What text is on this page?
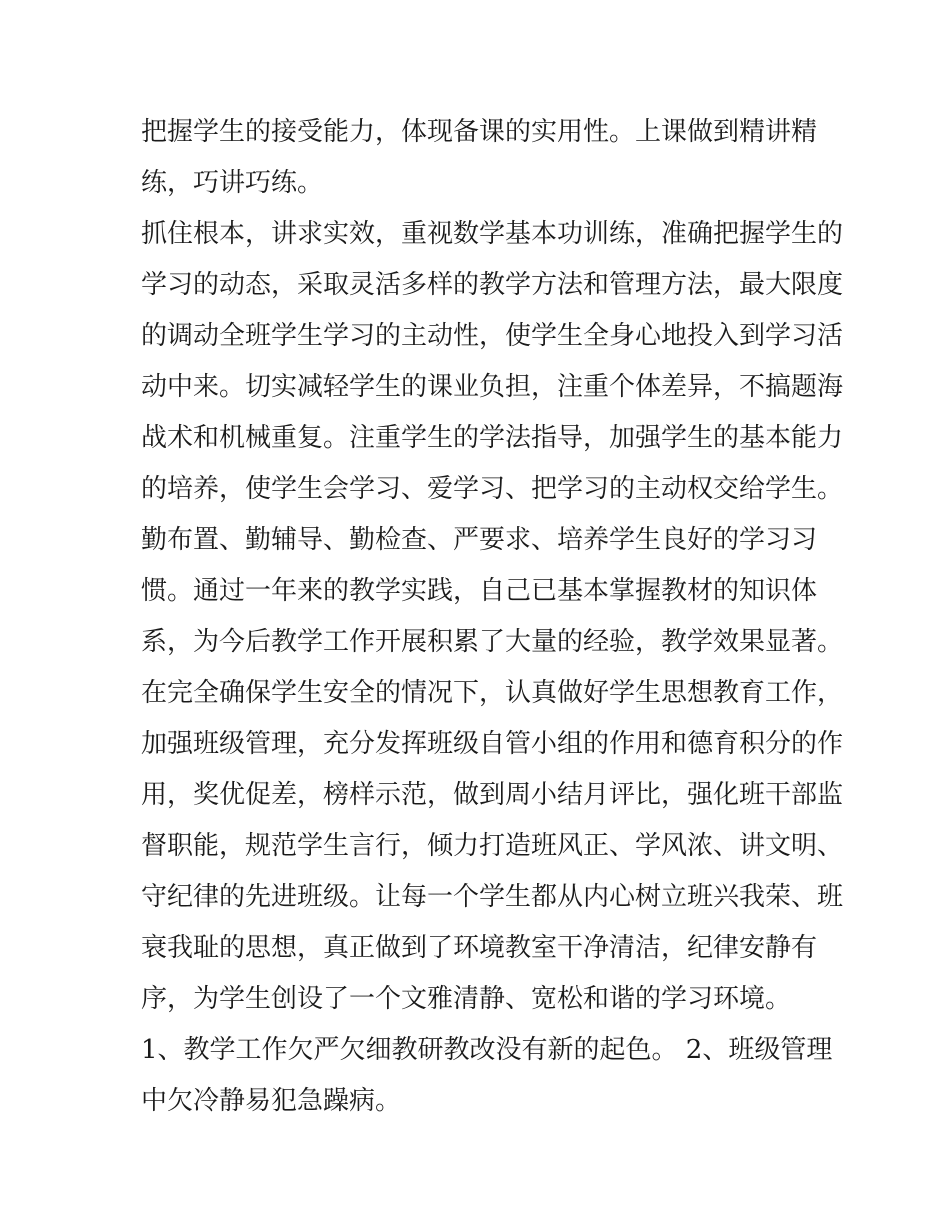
把握学生的接受能力，体现备课的实用性。上课做到精讲精
练，巧讲巧练。
抓住根本，讲求实效，重视数学基本功训练，准确把握学生的
学习的动态，采取灵活多样的教学方法和管理方法，最大限度
的调动全班学生学习的主动性，使学生全身心地投入到学习活
动中来。切实减轻学生的课业负担，注重个体差异，不搞题海
战术和机械重复。注重学生的学法指导，加强学生的基本能力
的培养，使学生会学习、爱学习、把学习的主动权交给学生。
勤布置、勤辅导、勤检查、严要求、培养学生良好的学习习
惯。通过一年来的教学实践，自己已基本掌握教材的知识体
系，为今后教学工作开展积累了大量的经验，教学效果显著。
在完全确保学生安全的情况下，认真做好学生思想教育工作，
加强班级管理，充分发挥班级自管小组的作用和德育积分的作
用，奖优促差，榜样示范，做到周小结月评比，强化班干部监
督职能，规范学生言行，倾力打造班风正、学风浓、讲文明、
守纪律的先进班级。让每一个学生都从内心树立班兴我荣、班
衰我耻的思想，真正做到了环境教室干净清洁，纪律安静有
序，为学生创设了一个文雅清静、宽松和谐的学习环境。
1、教学工作欠严欠细教研教改没有新的起色。 2、班级管理
中欠冷静易犯急躁病。
